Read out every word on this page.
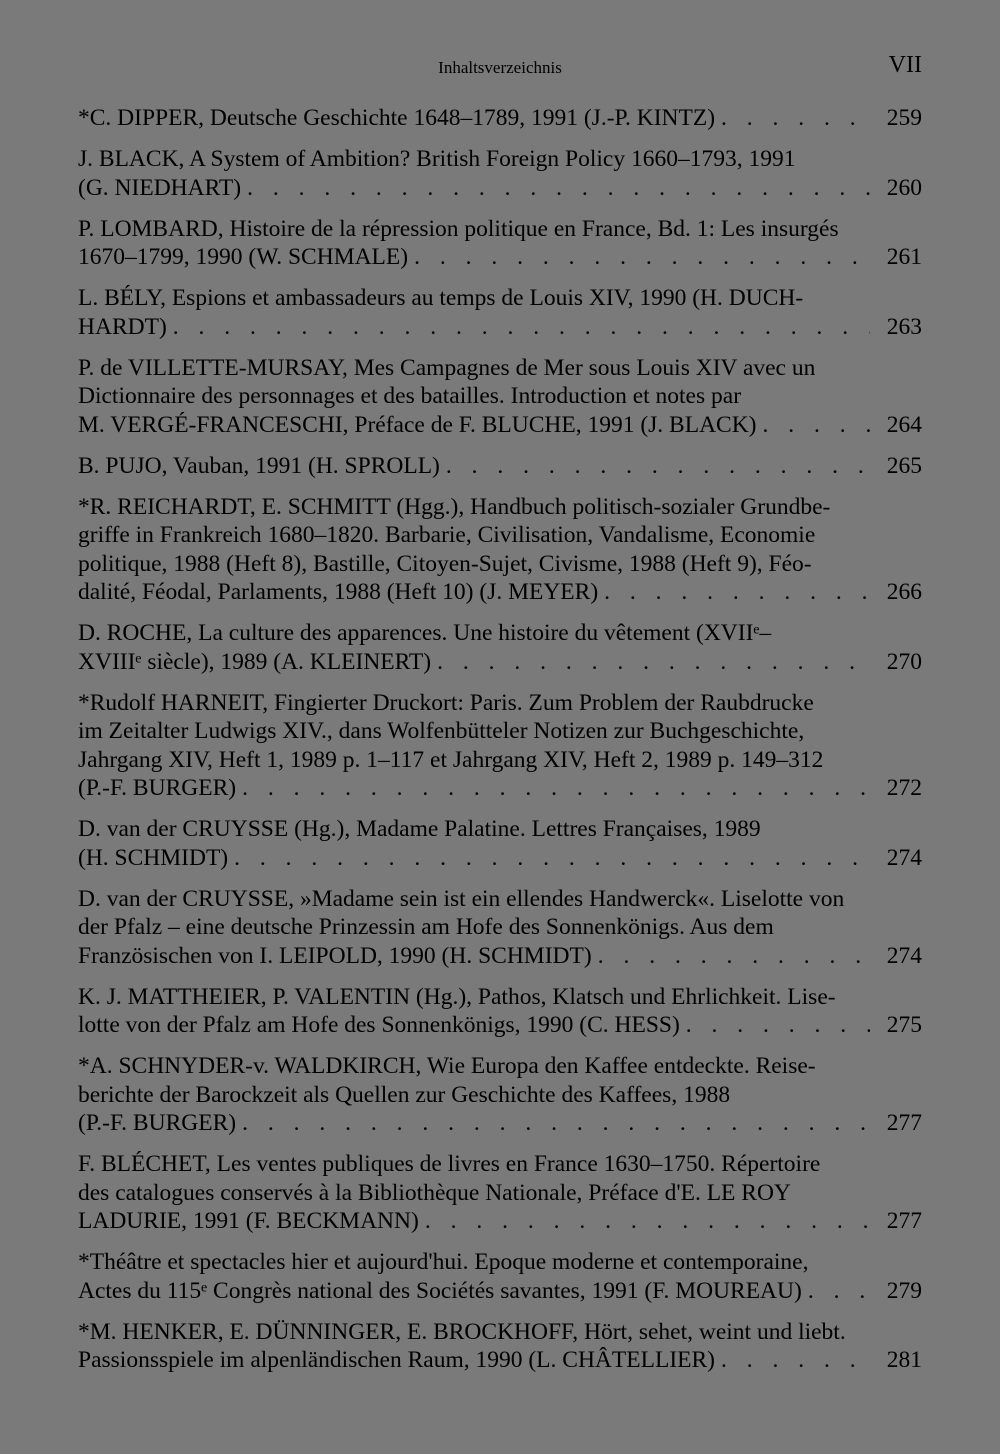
Inhaltsverzeichnis	VII
*C. DIPPER, Deutsche Geschichte 1648–1789, 1991 (J.-P. KINTZ) . . .	259
J. BLACK, A System of Ambition? British Foreign Policy 1660–1793, 1991
(G. NIEDHART) . . .	260
P. LOMBARD, Histoire de la répression politique en France, Bd. 1: Les insurgés
1670–1799, 1990 (W. SCHMALE) . . .	261
L. BÉLY, Espions et ambassadeurs au temps de Louis XIV, 1990 (H. DUCH-
HARDT) . . .	263
P. de VILLETTE-MURSAY, Mes Campagnes de Mer sous Louis XIV avec un
Dictionnaire des personnages et des batailles. Introduction et notes par
M. VERGÉ-FRANCESCHI, Préface de F. BLUCHE, 1991 (J. BLACK) . . .	264
B. PUJO, Vauban, 1991 (H. SPROLL) . . .	265
*R. REICHARDT, E. SCHMITT (Hgg.), Handbuch politisch-sozialer Grundbe-
griffe in Frankreich 1680–1820. Barbarie, Civilisation, Vandalisme, Economie
politique, 1988 (Heft 8), Bastille, Citoyen-Sujet, Civisme, 1988 (Heft 9), Féo-
dalité, Féodal, Parlaments, 1988 (Heft 10) (J. MEYER) . . .	266
D. ROCHE, La culture des apparences. Une histoire du vêtement (XVIIᵉ–
XVIIIᵉ siècle), 1989 (A. KLEINERT) . . .	270
*Rudolf HARNEIT, Fingierter Druckort: Paris. Zum Problem der Raubdrucke
im Zeitalter Ludwigs XIV., dans Wolfenbütteler Notizen zur Buchgeschichte,
Jahrgang XIV, Heft 1, 1989 p. 1–117 et Jahrgang XIV, Heft 2, 1989 p. 149–312
(P.-F. BURGER) . . .	272
D. van der CRUYSSE (Hg.), Madame Palatine. Lettres Françaises, 1989
(H. SCHMIDT) . . .	274
D. van der CRUYSSE, »Madame sein ist ein ellendes Handwerck«. Liselotte von
der Pfalz – eine deutsche Prinzessin am Hofe des Sonnenkönigs. Aus dem
Französischen von I. LEIPOLD, 1990 (H. SCHMIDT) . . .	274
K. J. MATTHEIER, P. VALENTIN (Hg.), Pathos, Klatsch und Ehrlichkeit. Lise-
lotte von der Pfalz am Hofe des Sonnenkönigs, 1990 (C. HESS) . . .	275
*A. SCHNYDER-v. WALDKIRCH, Wie Europa den Kaffee entdeckte. Reise-
berichte der Barockzeit als Quellen zur Geschichte des Kaffees, 1988
(P.-F. BURGER) . . .	277
F. BLÉCHET, Les ventes publiques de livres en France 1630–1750. Répertoire
des catalogues conservés à la Bibliothèque Nationale, Préface d'E. LE ROY
LADURIE, 1991 (F. BECKMANN) . . .	277
*Théâtre et spectacles hier et aujourd'hui. Epoque moderne et contemporaine,
Actes du 115ᵉ Congrès national des Sociétés savantes, 1991 (F. MOUREAU) . . .	279
*M. HENKER, E. DÜNNINGER, E. BROCKHOFF, Hört, sehet, weint und liebt.
Passionsspiele im alpenländischen Raum, 1990 (L. CHÂTELLIER) . . .	281
